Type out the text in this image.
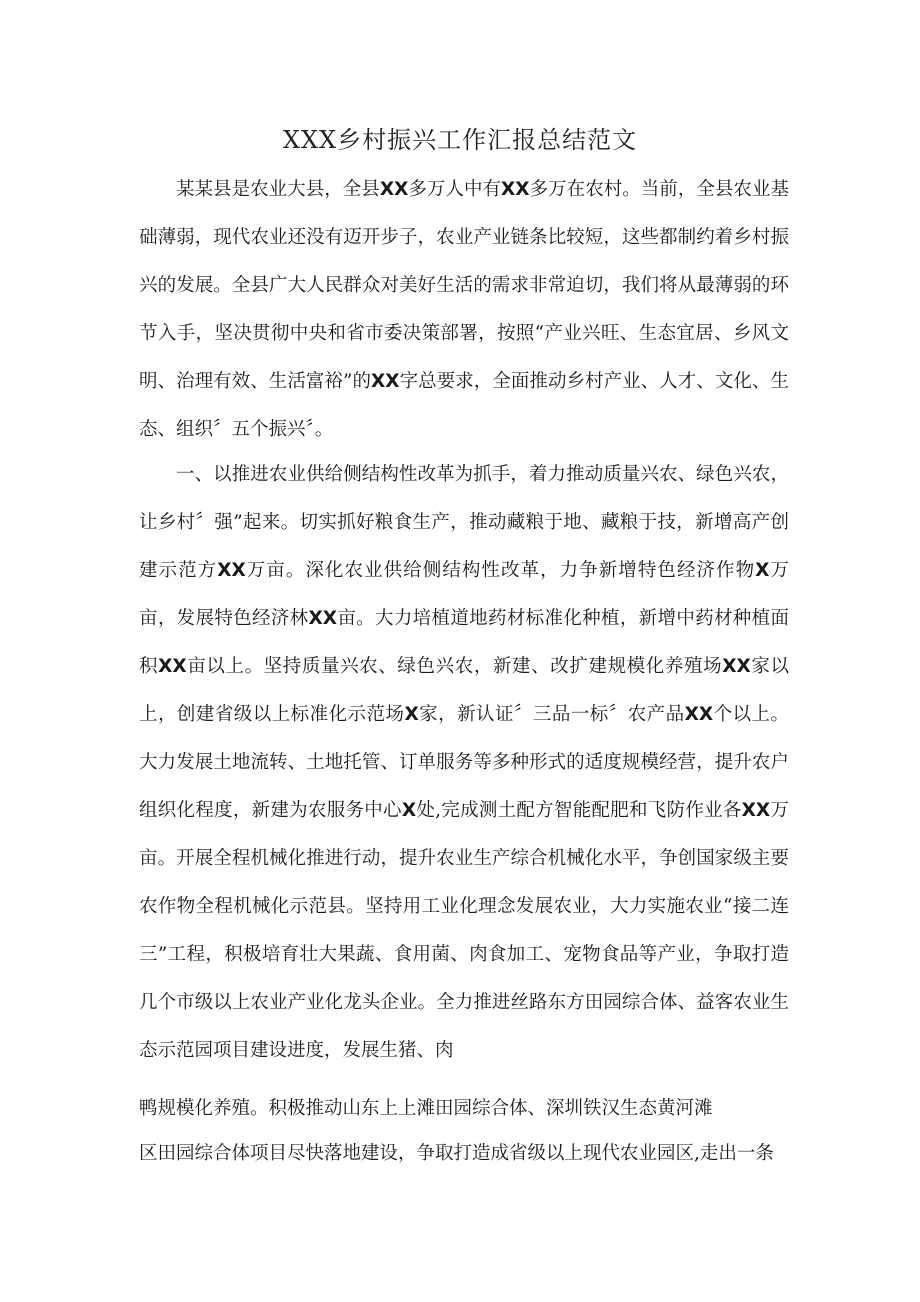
XXX乡村振兴工作汇报总结范文
某某县是农业大县，全县XX多万人中有XX多万在农村。当前，全县农业基础薄弱，现代农业还没有迈开步子，农业产业链条比较短，这些都制约着乡村振兴的发展。全县广大人民群众对美好生活的需求非常迫切，我们将从最薄弱的环节入手，坚决贯彻中央和省市委决策部署，按照“产业兴旺、生态宜居、乡风文明、治理有效、生活富裕”的XX字总要求，全面推动乡村产业、人才、文化、生态、组织〞五个振兴〞。
一、以推进农业供给侧结构性改革为抓手，着力推动质量兴农、绿色兴农，让乡村〞强”起来。切实抓好粮食生产，推动藏粮于地、藏粮于技，新增高产创建示范方XX万亩。深化农业供给侧结构性改革，力争新增特色经济作物X万亩，发展特色经济林XX亩。大力培植道地药材标准化种植，新增中药材种植面积XX亩以上。坚持质量兴农、绿色兴农，新建、改扩建规模化养殖场XX家以上，创建省级以上标准化示范场X家，新认证〞三品一标〞农产品XX个以上。大力发展土地流转、土地托管、订单服务等多种形式的适度规模经营，提升农户组织化程度，新建为农服务中心X处,完成测土配方智能配肥和飞防作业各XX万亩。开展全程机械化推进行动，提升农业生产综合机械化水平，争创国家级主要农作物全程机械化示范县。坚持用工业化理念发展农业，大力实施农业“接二连三”工程，积极培育壮大果蔬、食用菌、肉食加工、宠物食品等产业，争取打造几个市级以上农业产业化龙头企业。全力推进丝路东方田园综合体、益客农业生态示范园项目建设进度，发展生猪、肉
鸭规模化养殖。积极推动山东上上滩田园综合体、深圳铁汉生态黄河滩
区田园综合体项目尽快落地建设，争取打造成省级以上现代农业园区,走出一条
